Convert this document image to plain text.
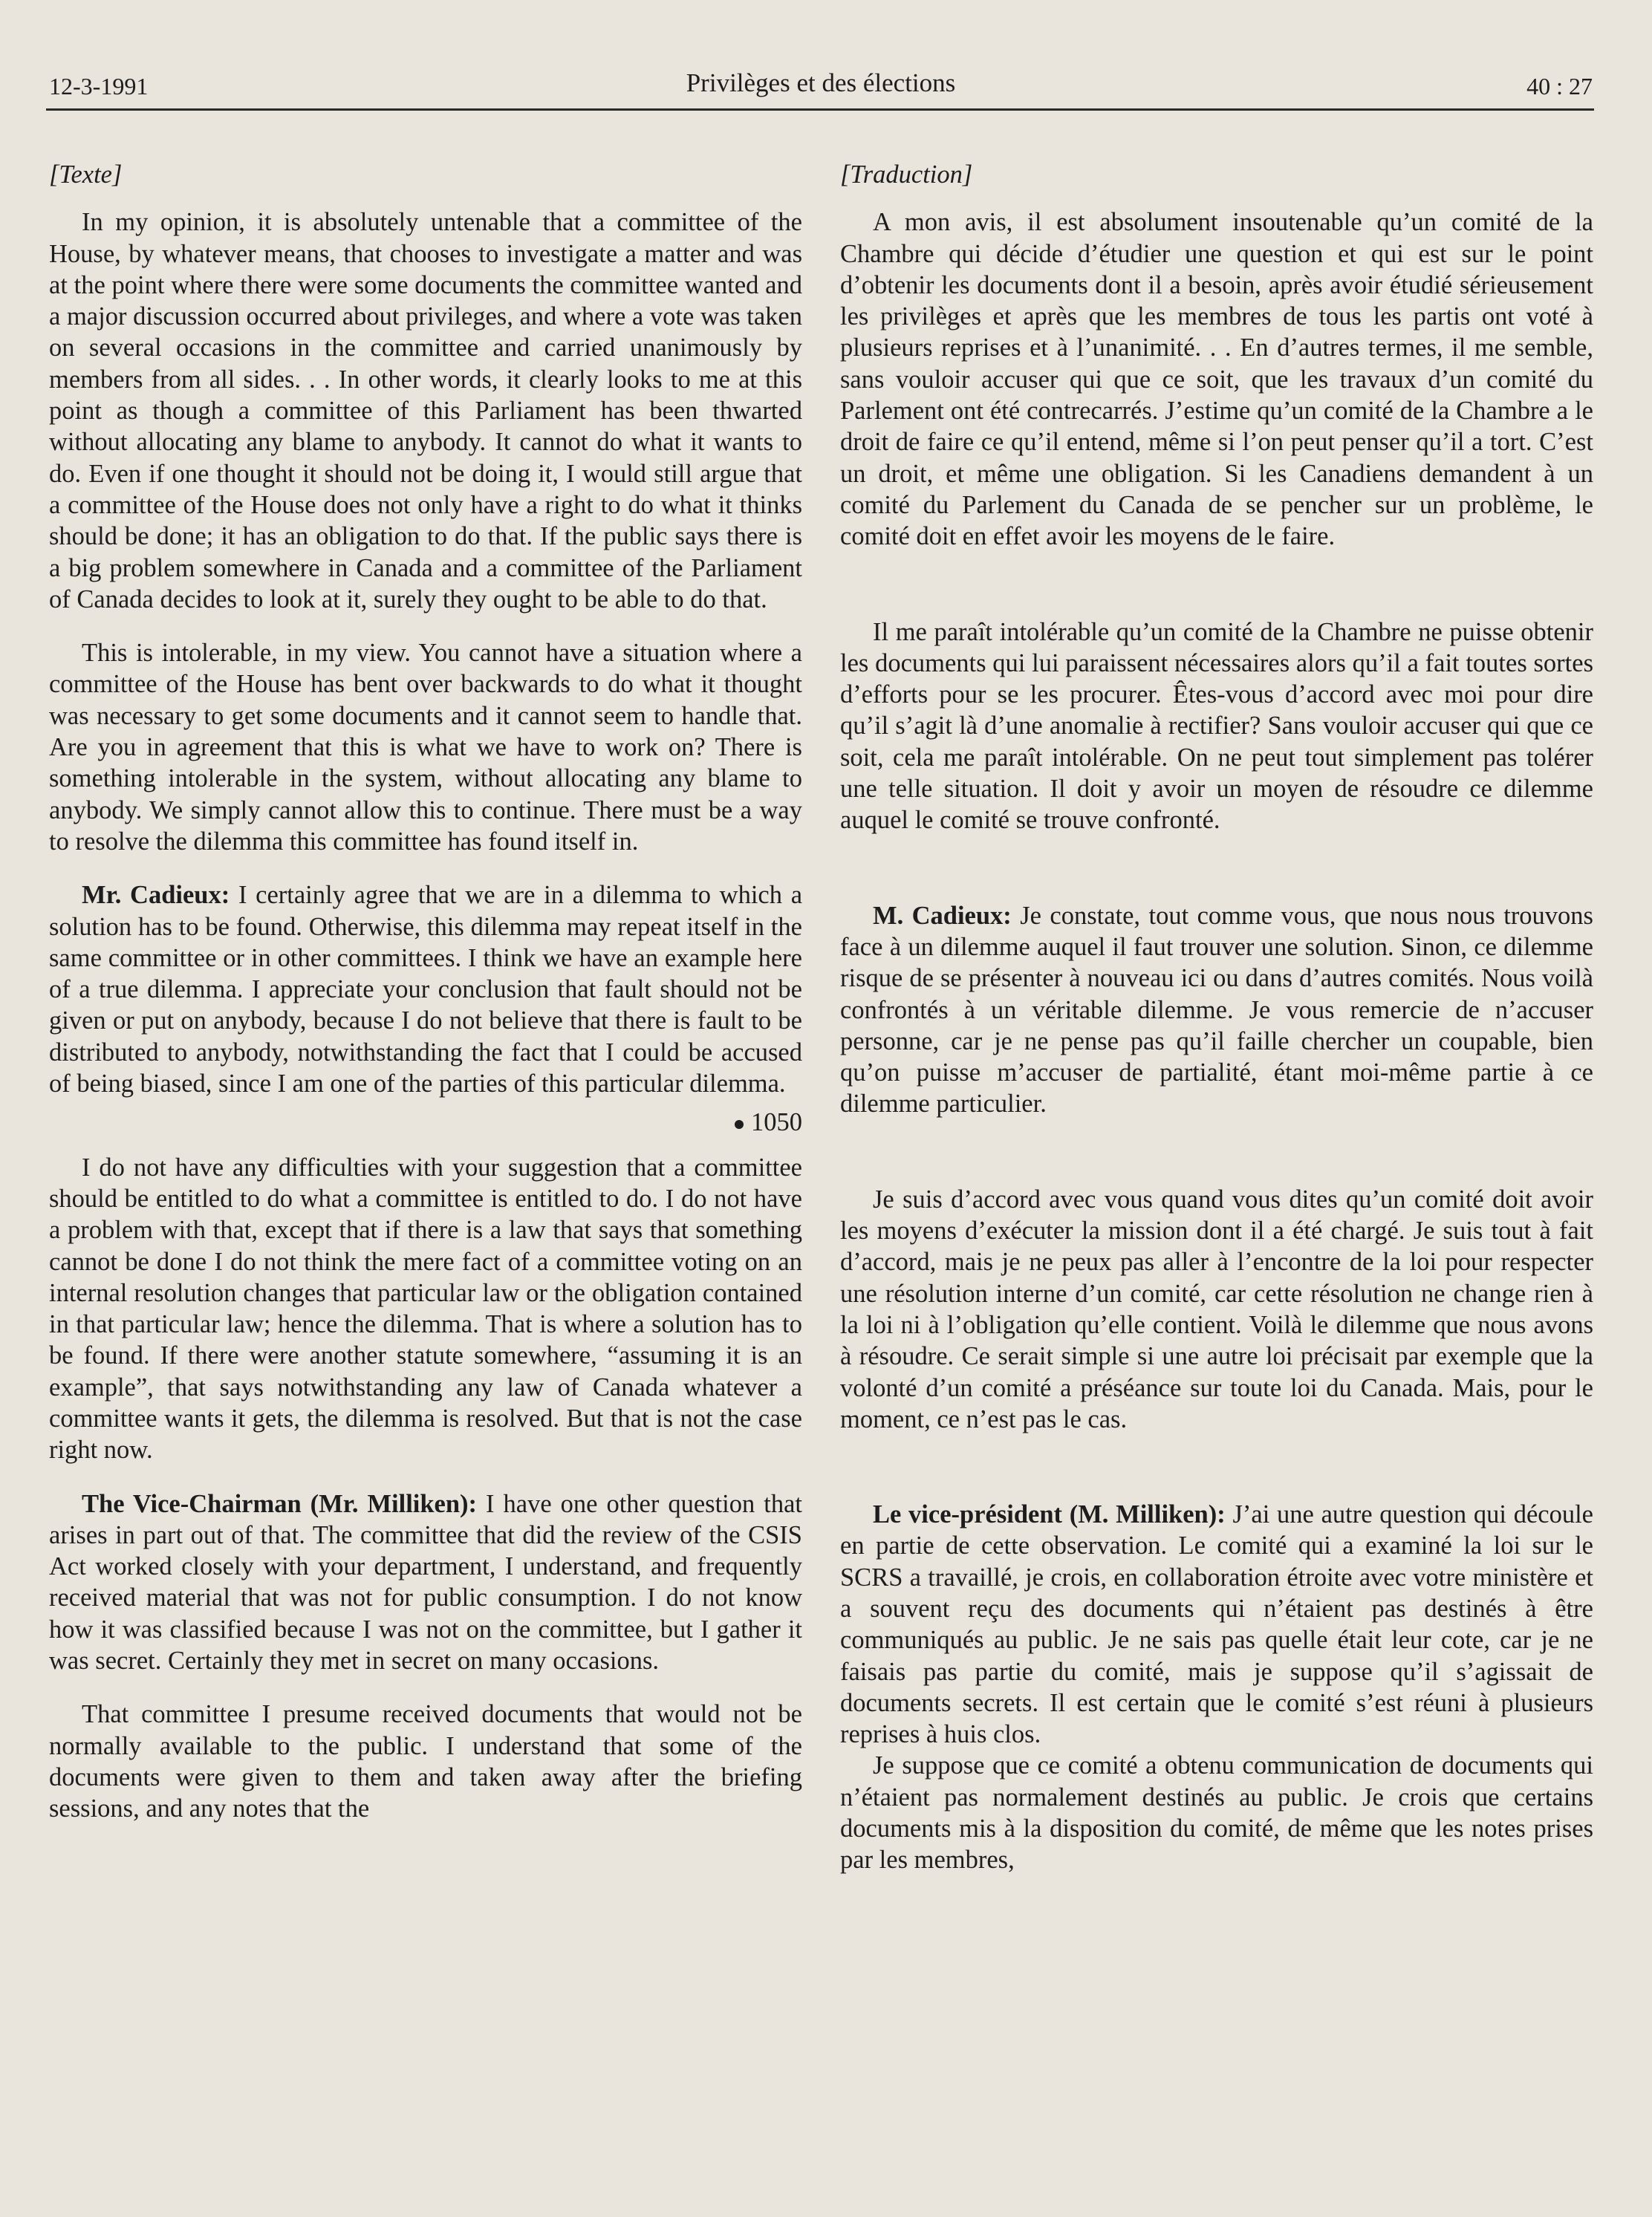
12-3-1991	Privilèges et des élections	40 : 27

[Texte]

In my opinion, it is absolutely untenable that a committee of the House, by whatever means, that chooses to investigate a matter and was at the point where there were some documents the committee wanted and a major discussion occurred about privileges, and where a vote was taken on several occasions in the committee and carried unanimously by members from all sides. . . In other words, it clearly looks to me at this point as though a committee of this Parliament has been thwarted without allocating any blame to anybody. It cannot do what it wants to do. Even if one thought it should not be doing it, I would still argue that a committee of the House does not only have a right to do what it thinks should be done; it has an obligation to do that. If the public says there is a big problem somewhere in Canada and a committee of the Parliament of Canada decides to look at it, surely they ought to be able to do that.

This is intolerable, in my view. You cannot have a situation where a committee of the House has bent over backwards to do what it thought was necessary to get some documents and it cannot seem to handle that. Are you in agreement that this is what we have to work on? There is something intolerable in the system, without allocating any blame to anybody. We simply cannot allow this to continue. There must be a way to resolve the dilemma this committee has found itself in.

Mr. Cadieux: I certainly agree that we are in a dilemma to which a solution has to be found. Otherwise, this dilemma may repeat itself in the same committee or in other committees. I think we have an example here of a true dilemma. I appreciate your conclusion that fault should not be given or put on anybody, because I do not believe that there is fault to be distributed to anybody, notwithstanding the fact that I could be accused of being biased, since I am one of the parties of this particular dilemma.

1050

I do not have any difficulties with your suggestion that a committee should be entitled to do what a committee is entitled to do. I do not have a problem with that, except that if there is a law that says that something cannot be done I do not think the mere fact of a committee voting on an internal resolution changes that particular law or the obligation contained in that particular law; hence the dilemma. That is where a solution has to be found. If there were another statute somewhere, “assuming it is an example”, that says notwithstanding any law of Canada whatever a committee wants it gets, the dilemma is resolved. But that is not the case right now.

The Vice-Chairman (Mr. Milliken): I have one other question that arises in part out of that. The committee that did the review of the CSIS Act worked closely with your department, I understand, and frequently received material that was not for public consumption. I do not know how it was classified because I was not on the committee, but I gather it was secret. Certainly they met in secret on many occasions.

That committee I presume received documents that would not be normally available to the public. I understand that some of the documents were given to them and taken away after the briefing sessions, and any notes that the

[Traduction]

A mon avis, il est absolument insoutenable qu’un comité de la Chambre qui décide d’étudier une question et qui est sur le point d’obtenir les documents dont il a besoin, après avoir étudié sérieusement les privilèges et après que les membres de tous les partis ont voté à plusieurs reprises et à l’unanimité. . . En d’autres termes, il me semble, sans vouloir accuser qui que ce soit, que les travaux d’un comité du Parlement ont été contrecarrés. J’estime qu’un comité de la Chambre a le droit de faire ce qu’il entend, même si l’on peut penser qu’il a tort. C’est un droit, et même une obligation. Si les Canadiens demandent à un comité du Parlement du Canada de se pencher sur un problème, le comité doit en effet avoir les moyens de le faire.

Il me paraît intolérable qu’un comité de la Chambre ne puisse obtenir les documents qui lui paraissent nécessaires alors qu’il a fait toutes sortes d’efforts pour se les procurer. Êtes-vous d’accord avec moi pour dire qu’il s’agit là d’une anomalie à rectifier? Sans vouloir accuser qui que ce soit, cela me paraît intolérable. On ne peut tout simplement pas tolérer une telle situation. Il doit y avoir un moyen de résoudre ce dilemme auquel le comité se trouve confronté.

M. Cadieux: Je constate, tout comme vous, que nous nous trouvons face à un dilemme auquel il faut trouver une solution. Sinon, ce dilemme risque de se présenter à nouveau ici ou dans d’autres comités. Nous voilà confrontés à un véritable dilemme. Je vous remercie de n’accuser personne, car je ne pense pas qu’il faille chercher un coupable, bien qu’on puisse m’accuser de partialité, étant moi-même partie à ce dilemme particulier.

Je suis d’accord avec vous quand vous dites qu’un comité doit avoir les moyens d’exécuter la mission dont il a été chargé. Je suis tout à fait d’accord, mais je ne peux pas aller à l’encontre de la loi pour respecter une résolution interne d’un comité, car cette résolution ne change rien à la loi ni à l’obligation qu’elle contient. Voilà le dilemme que nous avons à résoudre. Ce serait simple si une autre loi précisait par exemple que la volonté d’un comité a préséance sur toute loi du Canada. Mais, pour le moment, ce n’est pas le cas.

Le vice-président (M. Milliken): J’ai une autre question qui découle en partie de cette observation. Le comité qui a examiné la loi sur le SCRS a travaillé, je crois, en collaboration étroite avec votre ministère et a souvent reçu des documents qui n’étaient pas destinés à être communiqués au public. Je ne sais pas quelle était leur cote, car je ne faisais pas partie du comité, mais je suppose qu’il s’agissait de documents secrets. Il est certain que le comité s’est réuni à plusieurs reprises à huis clos.

Je suppose que ce comité a obtenu communication de documents qui n’étaient pas normalement destinés au public. Je crois que certains documents mis à la disposition du comité, de même que les notes prises par les membres,
